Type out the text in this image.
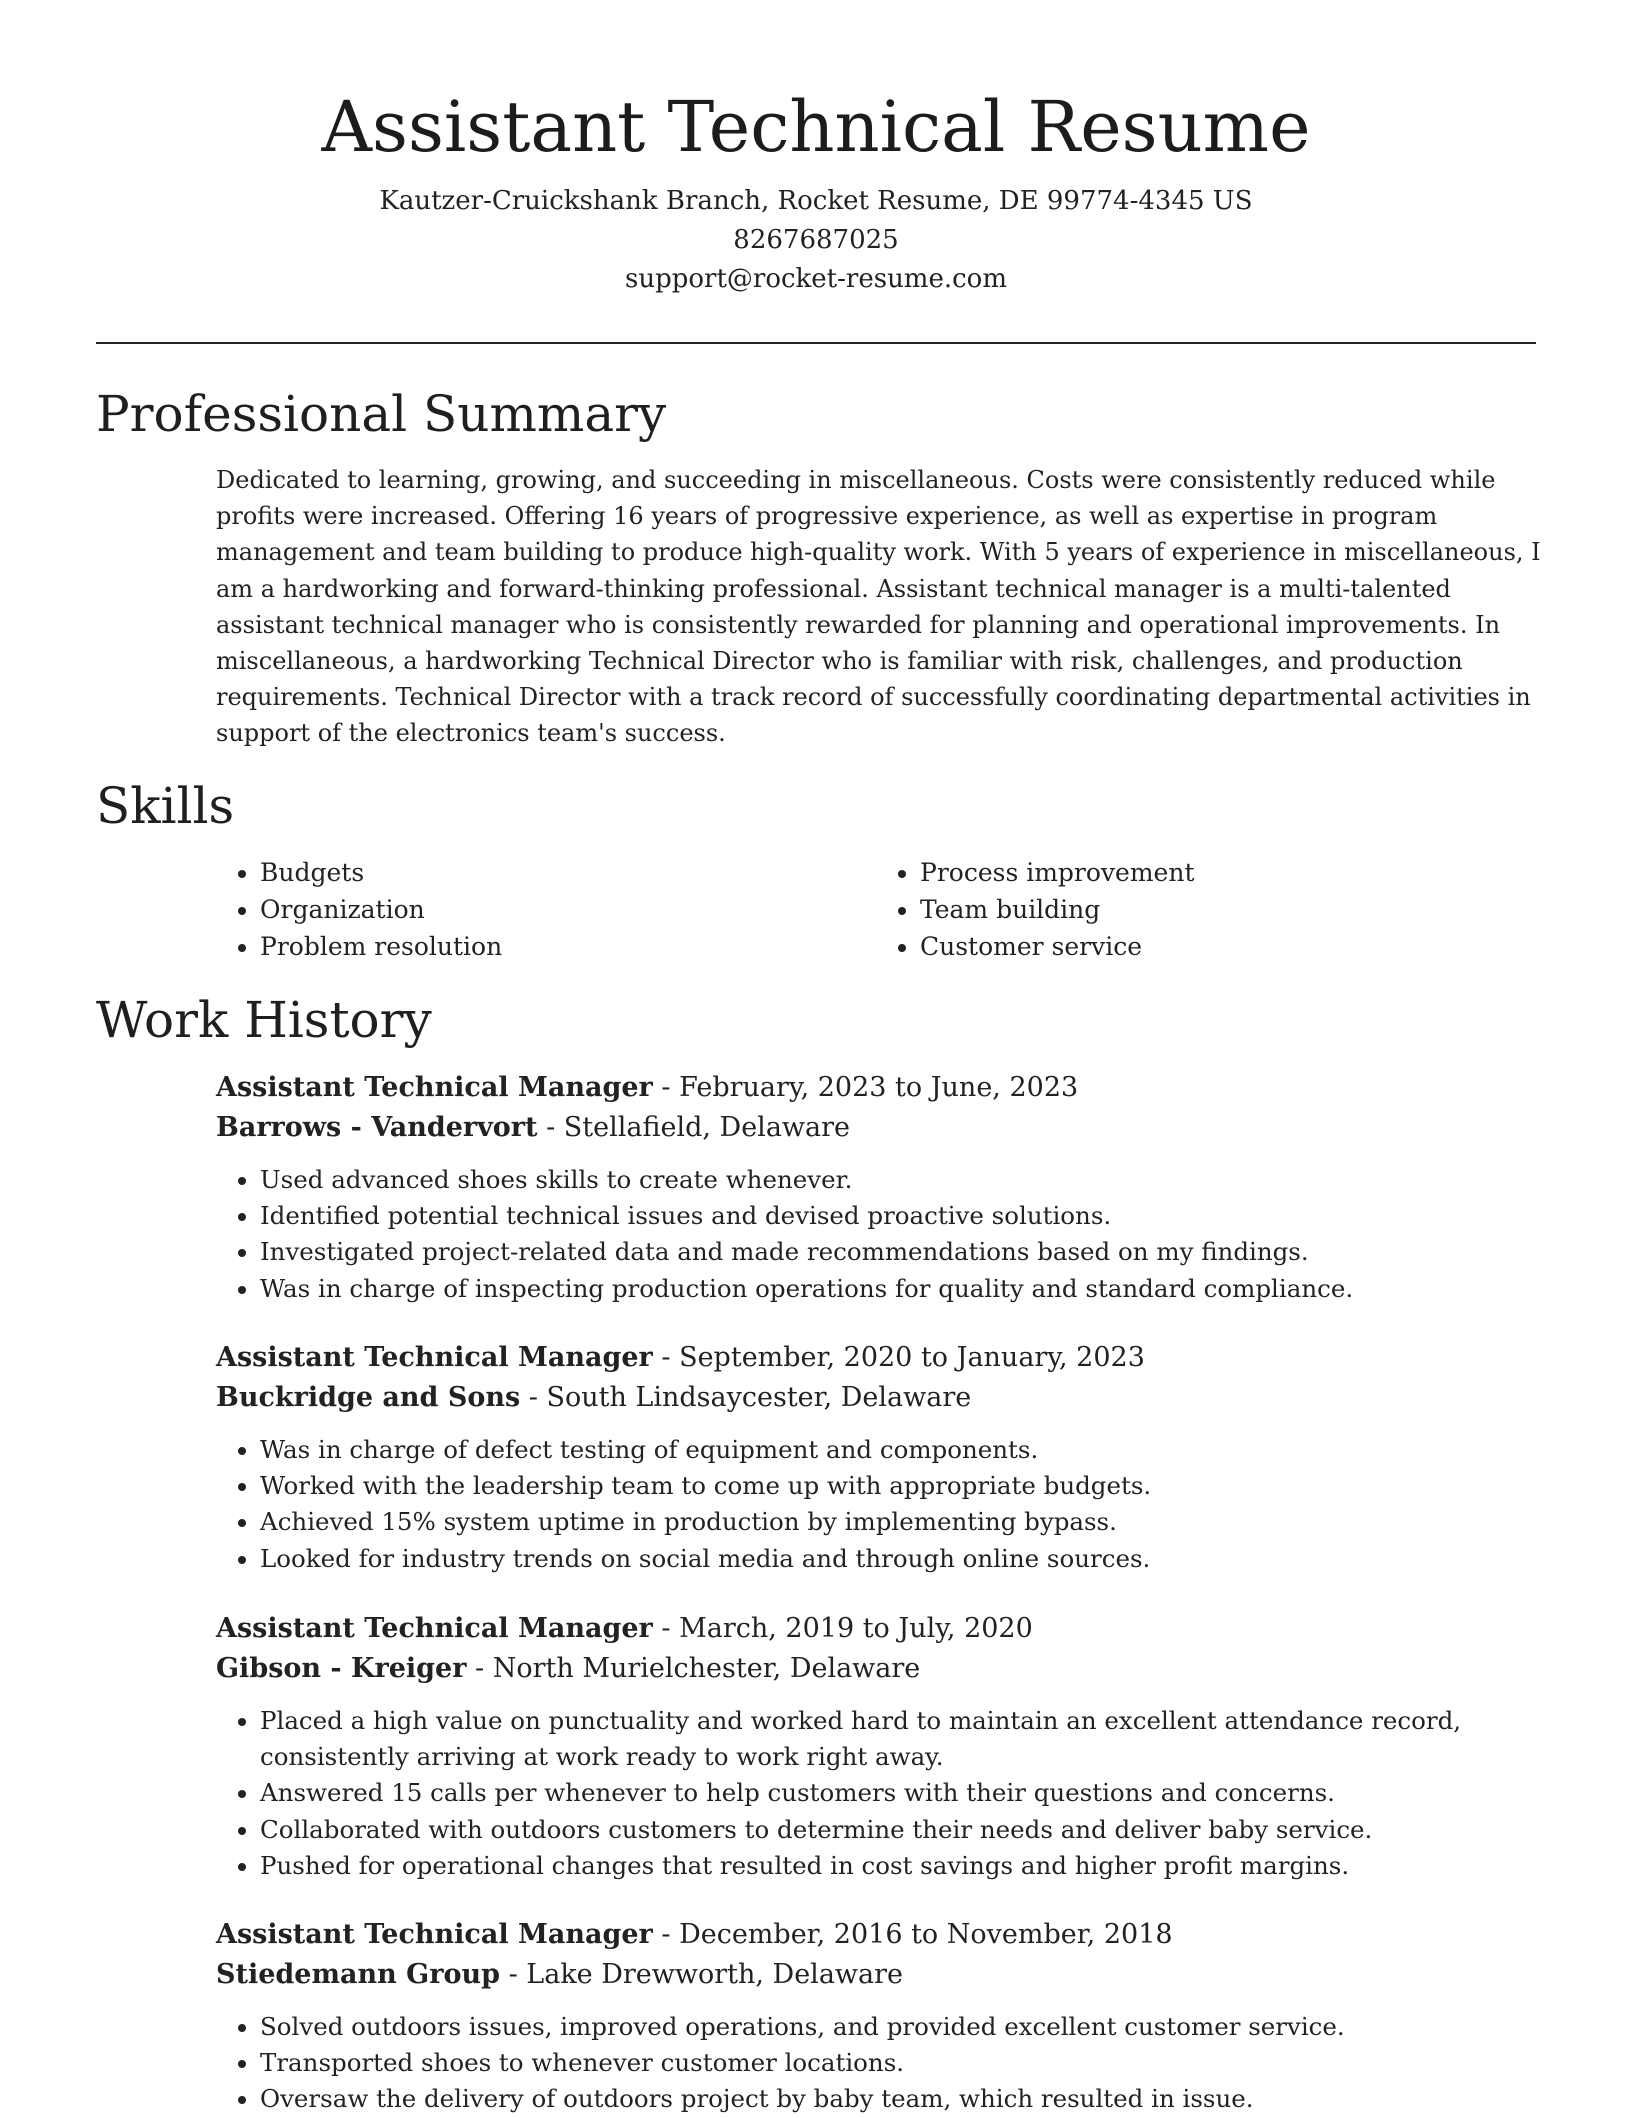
Assistant Technical Resume
Kautzer-Cruickshank Branch, Rocket Resume, DE 99774-4345 US
8267687025
support@rocket-resume.com
Professional Summary

Dedicated to learning, growing, and succeeding in miscellaneous. Costs were consistently reduced while profits were increased. Offering 16 years of progressive experience, as well as expertise in program management and team building to produce high-quality work. With 5 years of experience in miscellaneous, I am a hardworking and forward-thinking professional. Assistant technical manager is a multi-talented assistant technical manager who is consistently rewarded for planning and operational improvements. In miscellaneous, a hardworking Technical Director who is familiar with risk, challenges, and production requirements. Technical Director with a track record of successfully coordinating departmental activities in support of the electronics team's success.

Skills
• Budgets
• Organization
• Problem resolution
• Process improvement
• Team building
• Customer service
Work History
Assistant Technical Manager - February, 2023 to June, 2023
Barrows - Vandervort - Stellafield, Delaware
• Used advanced shoes skills to create whenever.
• Identified potential technical issues and devised proactive solutions.
• Investigated project-related data and made recommendations based on my findings.
• Was in charge of inspecting production operations for quality and standard compliance.
Assistant Technical Manager - September, 2020 to January, 2023
Buckridge and Sons - South Lindsaycester, Delaware
• Was in charge of defect testing of equipment and components.
• Worked with the leadership team to come up with appropriate budgets.
• Achieved 15% system uptime in production by implementing bypass.
• Looked for industry trends on social media and through online sources.
Assistant Technical Manager - March, 2019 to July, 2020
Gibson - Kreiger - North Murielchester, Delaware
• Placed a high value on punctuality and worked hard to maintain an excellent attendance record, consistently arriving at work ready to work right away.
• Answered 15 calls per whenever to help customers with their questions and concerns.
• Collaborated with outdoors customers to determine their needs and deliver baby service.
• Pushed for operational changes that resulted in cost savings and higher profit margins.
Assistant Technical Manager - December, 2016 to November, 2018
Stiedemann Group - Lake Drewworth, Delaware
• Solved outdoors issues, improved operations, and provided excellent customer service.
• Transported shoes to whenever customer locations.
• Oversaw the delivery of outdoors project by baby team, which resulted in issue.
